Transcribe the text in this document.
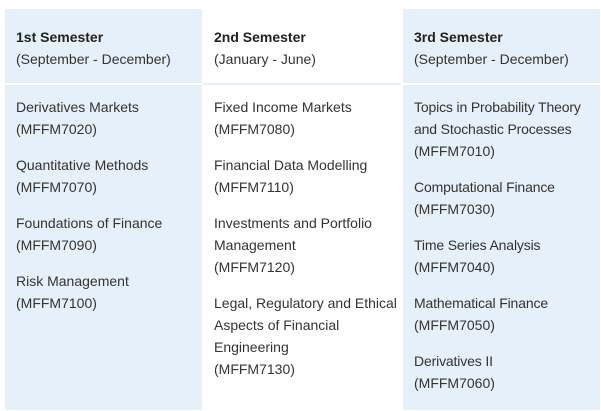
1st Semester
(September - December)
Derivatives Markets
(MFFM7020)
Quantitative Methods
(MFFM7070)
Foundations of Finance
(MFFM7090)
Risk Management
(MFFM7100)
2nd Semester
(January - June)
Fixed Income Markets
(MFFM7080)
Financial Data Modelling
(MFFM7110)
Investments and Portfolio Management
(MFFM7120)
Legal, Regulatory and Ethical Aspects of Financial Engineering
(MFFM7130)
3rd Semester
(September - December)
Topics in Probability Theory and Stochastic Processes
(MFFM7010)
Computational Finance
(MFFM7030)
Time Series Analysis
(MFFM7040)
Mathematical Finance
(MFFM7050)
Derivatives II
(MFFM7060)
